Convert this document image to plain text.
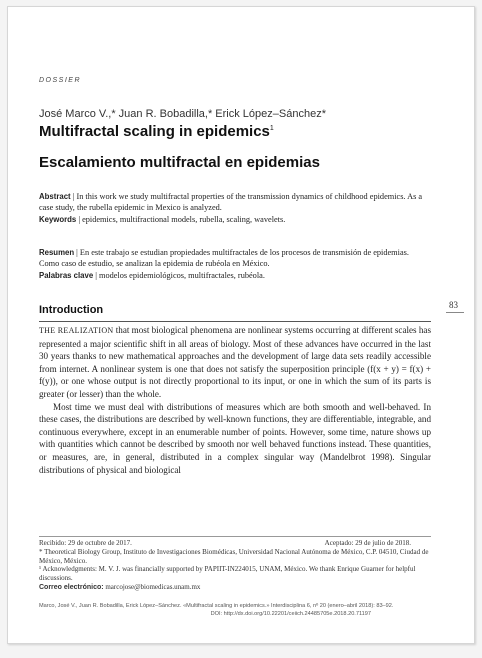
DOSSIER
José Marco V.,* Juan R. Bobadilla,* Erick López–Sánchez*
Multifractal scaling in epidemics$^1$
Escalamiento multifractal en epidemias
Abstract | In this work we study multifractal properties of the transmission dynamics of childhood epidemics. As a case study, the rubella epidemic in Mexico is analyzed.
Keywords | epidemics, multifractional models, rubella, scaling, wavelets.
Resumen | En este trabajo se estudian propiedades multifractales de los procesos de transmisión de epidemias. Como caso de estudio, se analizan la epidemia de rubéola en México.
Palabras clave | modelos epidemiológicos, multifractales, rubéola.
Introduction

THE REALIZATION that most biological phenomena are nonlinear systems occurring at different scales has represented a major scientific shift in all areas of biology. Most of these advances have occurred in the last 30 years thanks to new mathematical approaches and the development of large data sets readily accessible from internet. A nonlinear system is one that does not satisfy the superposition principle (f(x + y) = f(x) + f(y)), or one whose output is not directly proportional to its input, or one in which the sum of its parts is greater (or lesser) than the whole.

Most time we must deal with distributions of measures which are both smooth and well-behaved. In these cases, the distributions are described by well-known functions, they are differentiable, integrable, and continuous everywhere, except in an enumerable number of points. However, some time, nature shows up with quantities which cannot be described by smooth nor well behaved functions instead. These quantities, or measures, are, in general, distributed in a complex singular way (Mandelbrot 1998). Singular distributions of physical and biological

83
Recibido: 29 de octubre de 2017.	Aceptado: 29 de julio de 2018.
* Theoretical Biology Group, Instituto de Investigaciones Biomédicas, Universidad Nacional Autónoma de México, C.P. 04510, Ciudad de México, México.
¹ Acknowledgments: M. V. J. was financially supported by PAPIIT-IN224015, UNAM, México. We thank Enrique Guarner for helpful discussions.
Correo electrónico: marcojose@biomedicas.unam.mx
Marco, José V., Juan R. Bobadilla, Erick López–Sánchez. «Multifractal scaling in epidemics.» Interdisciplina 6, nº 20 (enero–abril 2018): 83–92.
DOI: http://dx.doi.org/10.22201/ceiich.24485705e.2018.20.71197
